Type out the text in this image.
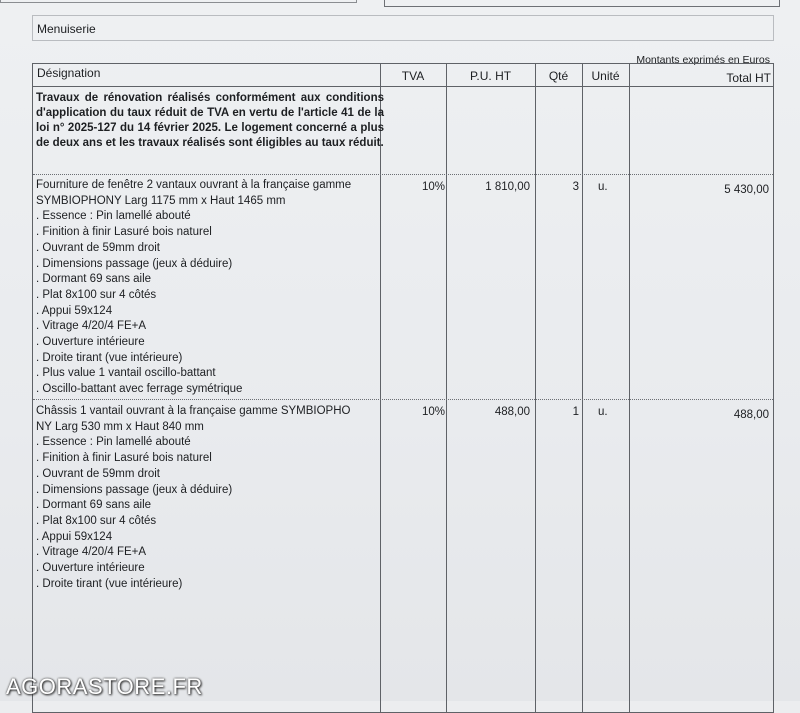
Menuiserie
Montants exprimés en Euros
Désignation	TVA	P.U. HT	Qté	Unité	Total HT
Travaux de rénovation réalisés conformément aux conditions d'application du taux réduit de TVA en vertu de l'article 41 de la loi n° 2025-127 du 14 février 2025. Le logement concerné a plus de deux ans et les travaux réalisés sont éligibles au taux réduit.
Fourniture de fenêtre 2 vantaux ouvrant à la française gamme
SYMBIOPHONY Larg 1175 mm x Haut 1465 mm
. Essence : Pin lamellé abouté
. Finition à finir Lasuré bois naturel
. Ouvrant de 59mm droit
. Dimensions passage (jeux à déduire)
. Dormant 69 sans aile
. Plat 8x100 sur 4 côtés
. Appui 59x124
. Vitrage 4/20/4 FE+A
. Ouverture intérieure
. Droite tirant (vue intérieure)
. Plus value 1 vantail oscillo-battant
. Oscillo-battant avec ferrage symétrique
10%	1 810,00	3 u.	5 430,00
Châssis 1 vantail ouvrant à la française gamme SYMBIOPHO
NY Larg 530 mm x Haut 840 mm
. Essence : Pin lamellé abouté
. Finition à finir Lasuré bois naturel
. Ouvrant de 59mm droit
. Dimensions passage (jeux à déduire)
. Dormant 69 sans aile
. Plat 8x100 sur 4 côtés
. Appui 59x124
. Vitrage 4/20/4 FE+A
. Ouverture intérieure
. Droite tirant (vue intérieure)
10%	488,00	1 u.	488,00
AGORASTORE.FR
